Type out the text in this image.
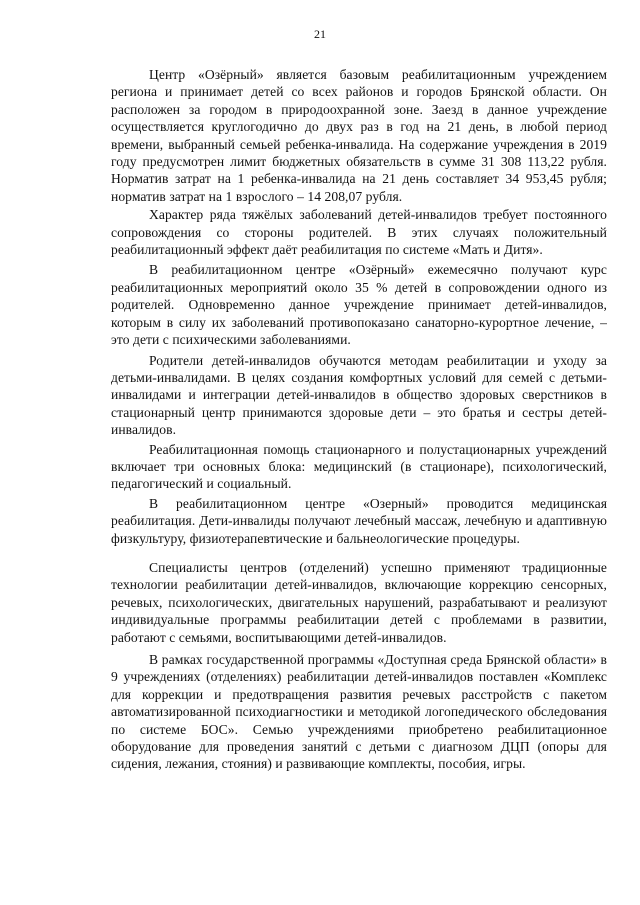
21

Центр «Озёрный» является базовым реабилитационным учреждением региона и принимает детей со всех районов и городов Брянской области. Он расположен за городом в природоохранной зоне. Заезд в данное учреждение осуществляется круглогодично до двух раз в год на 21 день, в любой период времени, выбранный семьей ребенка-инвалида. На содержание учреждения в 2019 году предусмотрен лимит бюджетных обязательств в сумме 31 308 113,22 рубля. Норматив затрат на 1 ребенка-инвалида на 21 день составляет 34 953,45 рубля; норматив затрат на 1 взрослого – 14 208,07 рубля.

Характер ряда тяжёлых заболеваний детей-инвалидов требует постоянного сопровождения со стороны родителей. В этих случаях положительный реабилитационный эффект даёт реабилитация по системе «Мать и Дитя».

В реабилитационном центре «Озёрный» ежемесячно получают курс реабилитационных мероприятий около 35 % детей в сопровождении одного из родителей. Одновременно данное учреждение принимает детей-инвалидов, которым в силу их заболеваний противопоказано санаторно-курортное лечение, – это дети с психическими заболеваниями.

Родители детей-инвалидов обучаются методам реабилитации и уходу за детьми-инвалидами. В целях создания комфортных условий для семей с детьми-инвалидами и интеграции детей-инвалидов в общество здоровых сверстников в стационарный центр принимаются здоровые дети – это братья и сестры детей-инвалидов.

Реабилитационная помощь стационарного и полустационарных учреждений включает три основных блока: медицинский (в стационаре), психологический, педагогический и социальный.

В реабилитационном центре «Озерный» проводится медицинская реабилитация. Дети-инвалиды получают лечебный массаж, лечебную и адаптивную физкультуру, физиотерапевтические и бальнеологические процедуры.

Специалисты центров (отделений) успешно применяют традиционные технологии реабилитации детей-инвалидов, включающие коррекцию сенсорных, речевых, психологических, двигательных нарушений, разрабатывают и реализуют индивидуальные программы реабилитации детей с проблемами в развитии, работают с семьями, воспитывающими детей-инвалидов.

В рамках государственной программы «Доступная среда Брянской области» в 9 учреждениях (отделениях) реабилитации детей-инвалидов поставлен «Комплекс для коррекции и предотвращения развития речевых расстройств с пакетом автоматизированной психодиагностики и методикой логопедического обследования по системе БОС». Семью учреждениями приобретено реабилитационное оборудование для проведения занятий с детьми с диагнозом ДЦП (опоры для сидения, лежания, стояния) и развивающие комплекты, пособия, игры.
